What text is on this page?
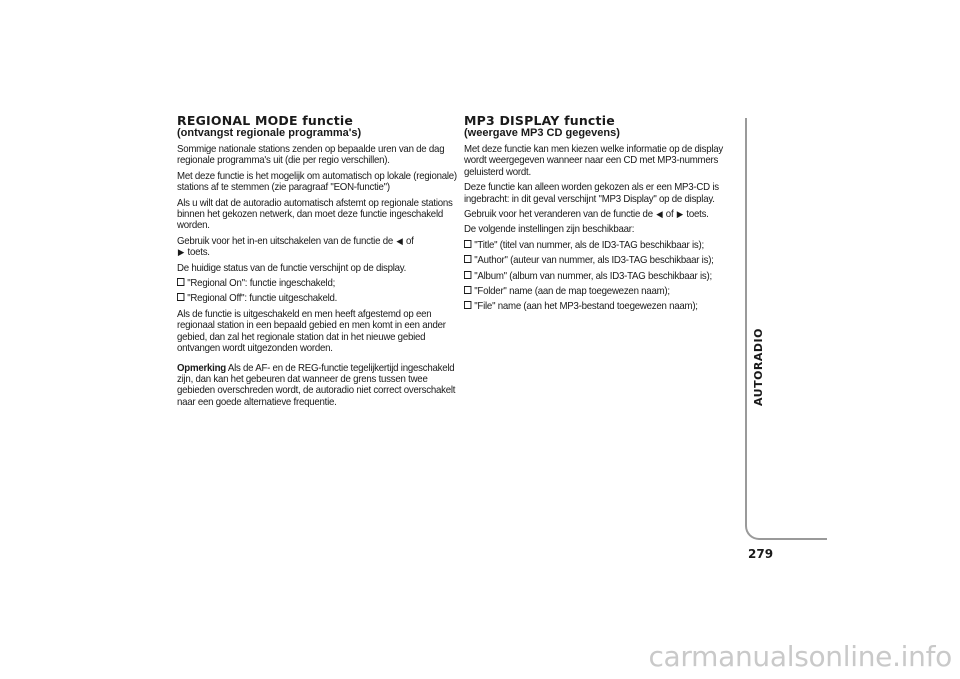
REGIONAL MODE functie

(ontvangst regionale programma's)

Sommige nationale stations zenden op bepaalde uren van de dag regionale programma's uit (die per regio verschillen).

Met deze functie is het mogelijk om automatisch op lokale (regionale) stations af te stemmen (zie paragraaf "EON-functie")

Als u wilt dat de autoradio automatisch afstemt op regionale stations binnen het gekozen netwerk, dan moet deze functie ingeschakeld worden.

Gebruik voor het in-en uitschakelen van de functie de ◀ of
▶ toets.

De huidige status van de functie verschijnt op de display.

"Regional On": functie ingeschakeld;

"Regional Off": functie uitgeschakeld.

Als de functie is uitgeschakeld en men heeft afgestemd op een regionaal station in een bepaald gebied en men komt in een ander gebied, dan zal het regionale station dat in het nieuwe gebied ontvangen wordt uitgezonden worden.

Opmerking Als de AF- en de REG-functie tegelijkertijd ingeschakeld zijn, dan kan het gebeuren dat wanneer de grens tussen twee gebieden overschreden wordt, de autoradio niet correct overschakelt naar een goede alternatieve frequentie.

MP3 DISPLAY functie

(weergave MP3 CD gegevens)

Met deze functie kan men kiezen welke informatie op de display wordt weergegeven wanneer naar een CD met MP3-nummers geluisterd wordt.

Deze functie kan alleen worden gekozen als er een MP3-CD is ingebracht: in dit geval verschijnt "MP3 Display" op de display.

Gebruik voor het veranderen van de functie de ◀ of ▶ toets.

De volgende instellingen zijn beschikbaar:

"Title" (titel van nummer, als de ID3-TAG beschikbaar is);

"Author" (auteur van nummer, als ID3-TAG beschikbaar is);

"Album" (album van nummer, als ID3-TAG beschikbaar is);

"Folder" name (aan de map toegewezen naam);

"File" name (aan het MP3-bestand toegewezen naam);

AUTORADIO
279
carmanualsonline.info
